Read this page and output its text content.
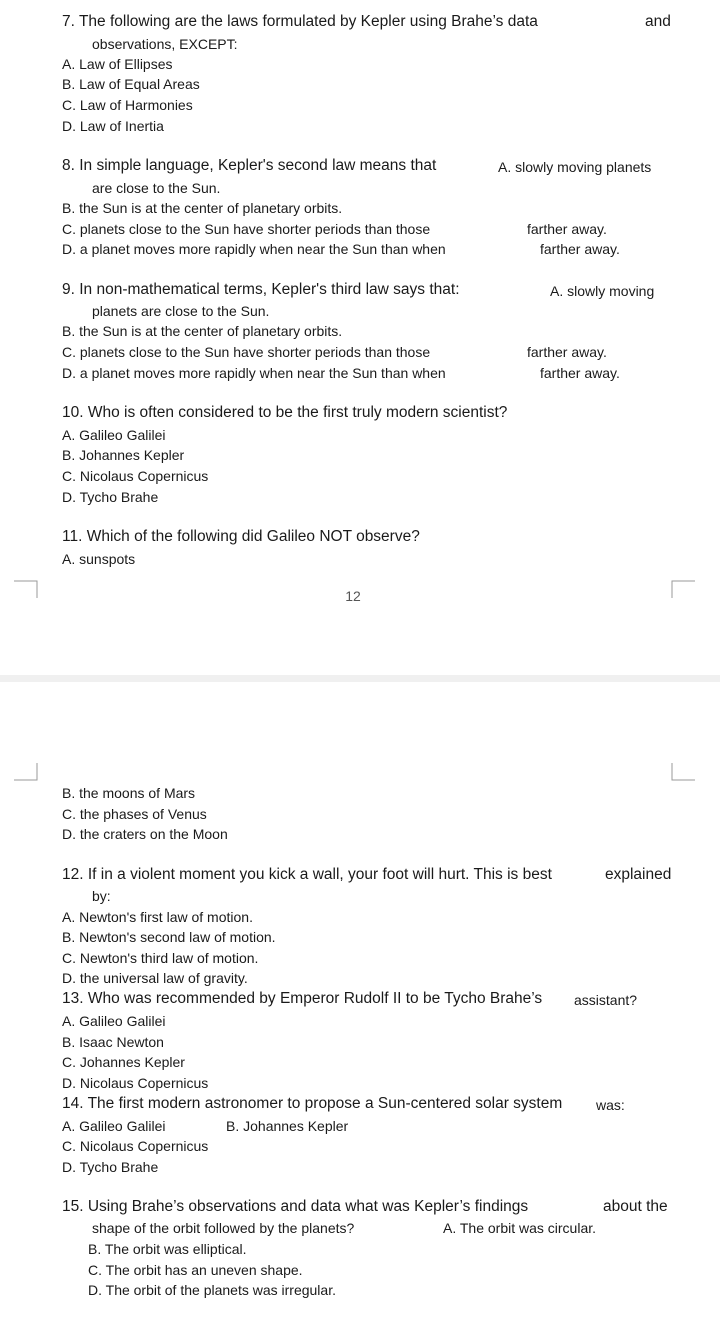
7. The following are the laws formulated by Kepler using Brahe’s data	and
observations, EXCEPT:
A. Law of Ellipses
B. Law of Equal Areas
C. Law of Harmonies
D. Law of Inertia
8. In simple language, Kepler's second law means that	A. slowly moving planets
are close to the Sun.
B. the Sun is at the center of planetary orbits.
C. planets close to the Sun have shorter periods than those	farther away.
D. a planet moves more rapidly when near the Sun than when	farther away.
9. In non-mathematical terms, Kepler's third law says that:	A. slowly moving
planets are close to the Sun.
B. the Sun is at the center of planetary orbits.
C. planets close to the Sun have shorter periods than those	farther away.
D. a planet moves more rapidly when near the Sun than when	farther away.
10. Who is often considered to be the first truly modern scientist?
A. Galileo Galilei
B. Johannes Kepler
C. Nicolaus Copernicus
D. Tycho Brahe
11. Which of the following did Galileo NOT observe?
A. sunspots
12
B. the moons of Mars
C. the phases of Venus
D. the craters on the Moon
12. If in a violent moment you kick a wall, your foot will hurt. This is best	explained
by:
A. Newton's first law of motion.
B. Newton's second law of motion.
C. Newton's third law of motion.
D. the universal law of gravity.
13. Who was recommended by Emperor Rudolf II to be Tycho Brahe’s assistant?
A. Galileo Galilei
B. Isaac Newton
C. Johannes Kepler
D. Nicolaus Copernicus
14. The first modern astronomer to propose a Sun-centered solar system was:
A. Galileo Galilei	B. Johannes Kepler
C. Nicolaus Copernicus
D. Tycho Brahe
15. Using Brahe’s observations and data what was Kepler’s findings	about the
shape of the orbit followed by the planets?	A. The orbit was circular.
B. The orbit was elliptical.
C. The orbit has an uneven shape.
D. The orbit of the planets was irregular.
